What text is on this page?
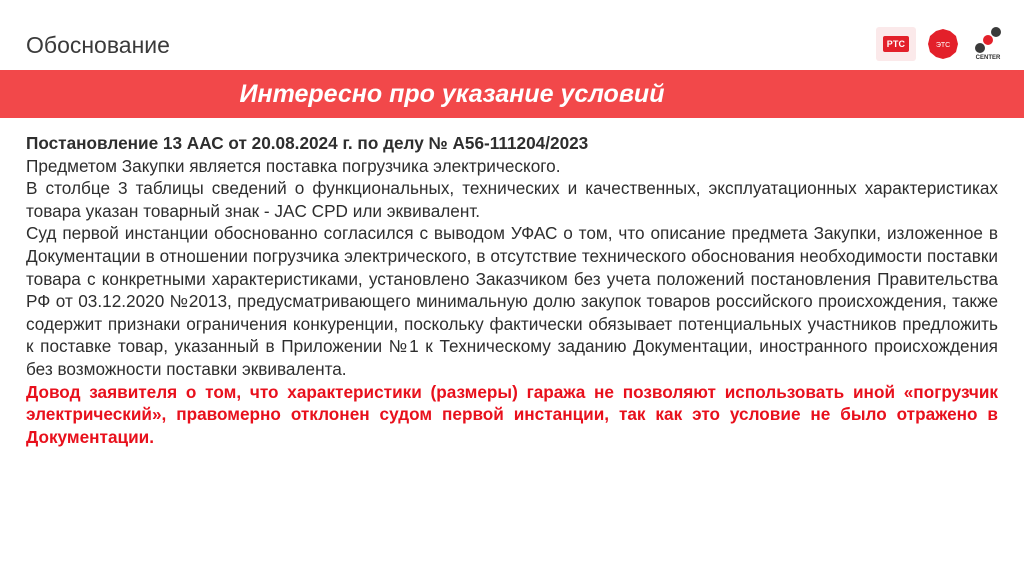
Обоснование	РТС	ЭТС
CENTER
Интересно про указание условий

Постановление 13 ААС от 20.08.2024 г. по делу № А56-111204/2023

Предметом Закупки является поставка погрузчика электрического.

В столбце 3 таблицы сведений о функциональных, технических и качественных, эксплуатационных характеристиках товара указан товарный знак - JAC CPD или эквивалент.

Суд первой инстанции обоснованно согласился с выводом УФАС о том, что описание предмета Закупки, изложенное в Документации в отношении погрузчика электрического, в отсутствие технического обоснования необходимости поставки товара с конкретными характеристиками, установлено Заказчиком без учета положений постановления Правительства РФ от 03.12.2020 №2013, предусматривающего минимальную долю закупок товаров российского происхождения, также содержит признаки ограничения конкуренции, поскольку фактически обязывает потенциальных участников предложить к поставке товар, указанный в Приложении №1 к Техническому заданию Документации, иностранного происхождения без возможности поставки эквивалента.

Довод заявителя о том, что характеристики (размеры) гаража не позволяют использовать иной «погрузчик электрический», правомерно отклонен судом первой инстанции, так как это условие не было отражено в Документации.
